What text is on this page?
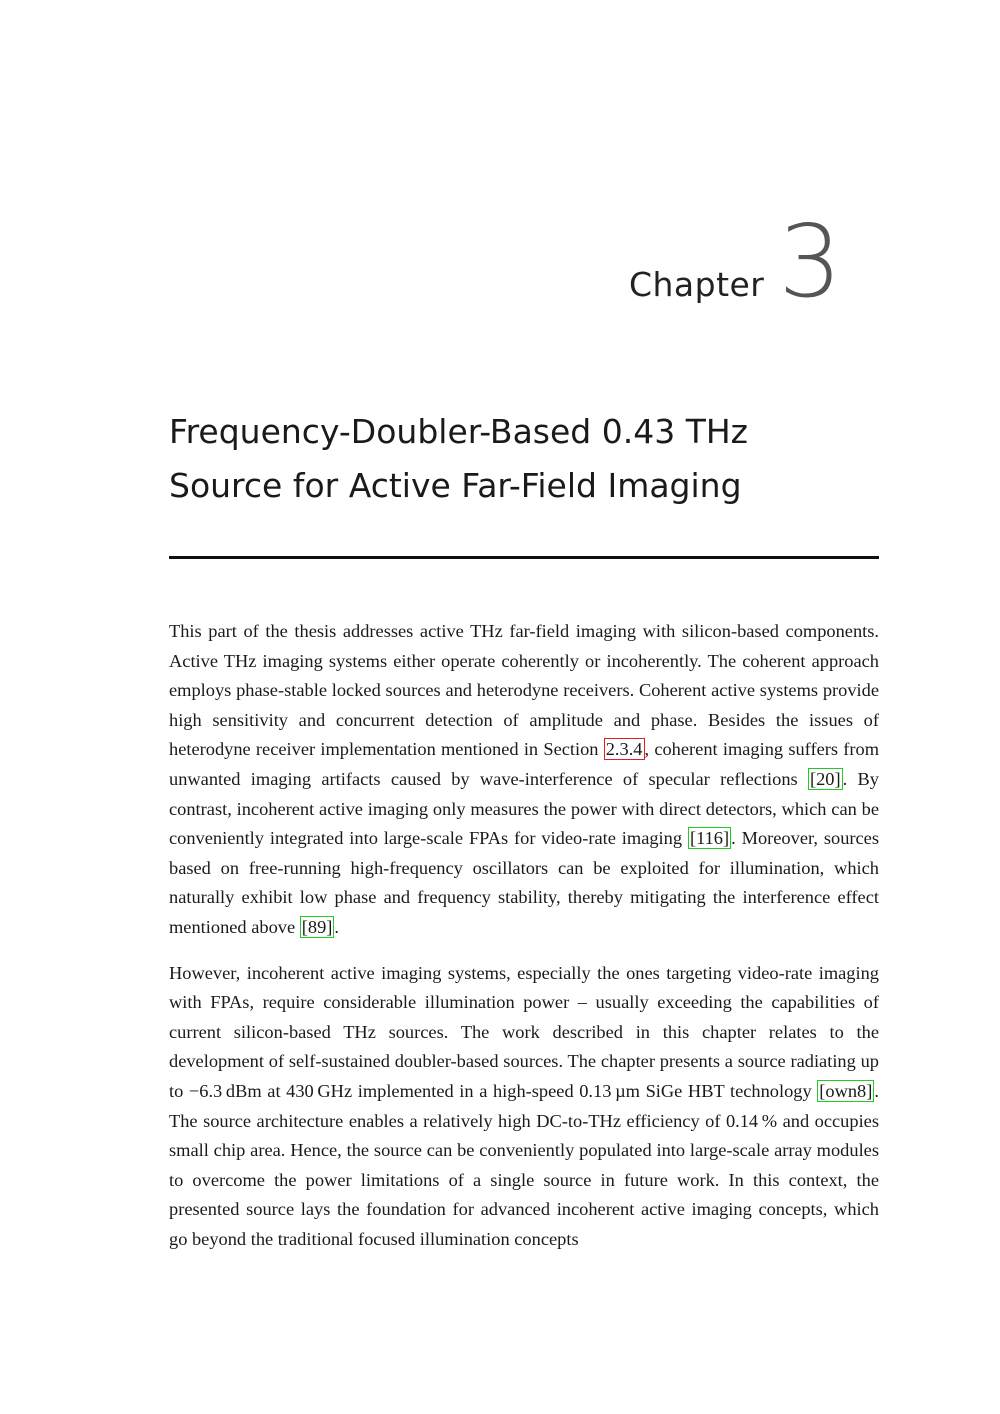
Chapter 3
Frequency-Doubler-Based 0.43 THz
Source for Active Far-Field Imaging

This part of the thesis addresses active THz far-field imaging with silicon-based components. Active THz imaging systems either operate coherently or incoherently. The coherent approach employs phase-stable locked sources and heterodyne receivers. Coherent active systems provide high sensitivity and concurrent detection of amplitude and phase. Besides the issues of heterodyne receiver implementation mentioned in Section 2.3.4 , coherent imaging suffers from unwanted imaging artifacts caused by wave-interference of specular reflections [20] . By contrast, incoherent active imaging only measures the power with direct detectors, which can be conveniently integrated into large-scale FPAs for video-rate imaging [116] . Moreover, sources based on free-running high-frequency oscillators can be exploited for illumination, which naturally exhibit low phase and frequency stability, thereby mitigating the interference effect mentioned above [89] .

However, incoherent active imaging systems, especially the ones targeting video-rate imaging with FPAs, require considerable illumination power – usually exceeding the capabilities of current silicon-based THz sources. The work described in this chapter relates to the development of self-sustained doubler-based sources. The chapter presents a source radiating up to −6.3 dBm at 430 GHz implemented in a high-speed 0.13 µm SiGe HBT technology [own8] . The source architecture enables a relatively high DC-to-THz efficiency of 0.14 % and occupies small chip area. Hence, the source can be conveniently populated into large-scale array modules to overcome the power limitations of a single source in future work. In this context, the presented source lays the foundation for advanced incoherent active imaging concepts, which go beyond the traditional focused illumination concepts
